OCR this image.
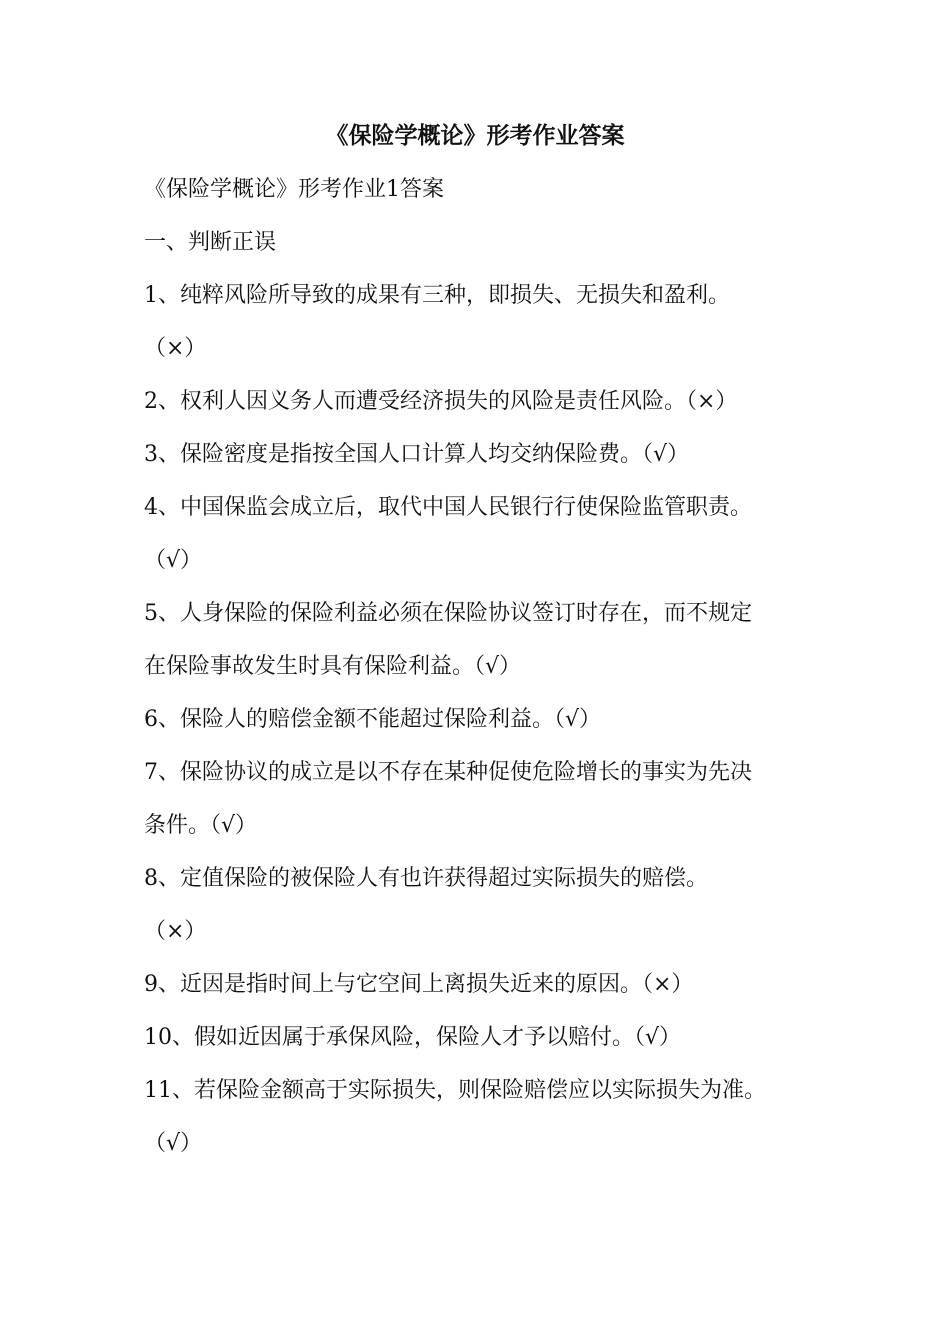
《保险学概论》形考作业答案
《保险学概论》形考作业1答案
一、判断正误
1、纯粹风险所导致的成果有三种，即损失、无损失和盈利。
（×）
2、权利人因义务人而遭受经济损失的风险是责任风险。（×）
3、保险密度是指按全国人口计算人均交纳保险费。（√）
4、中国保监会成立后，取代中国人民银行行使保险监管职责。
（√）
5、人身保险的保险利益必须在保险协议签订时存在，而不规定
在保险事故发生时具有保险利益。（√）
6、保险人的赔偿金额不能超过保险利益。（√）
7、保险协议的成立是以不存在某种促使危险增长的事实为先决
条件。（√）
8、定值保险的被保险人有也许获得超过实际损失的赔偿。
（×）
9、近因是指时间上与它空间上离损失近来的原因。（×）
10、假如近因属于承保风险，保险人才予以赔付。（√）
11、若保险金额高于实际损失，则保险赔偿应以实际损失为准。
（√）
